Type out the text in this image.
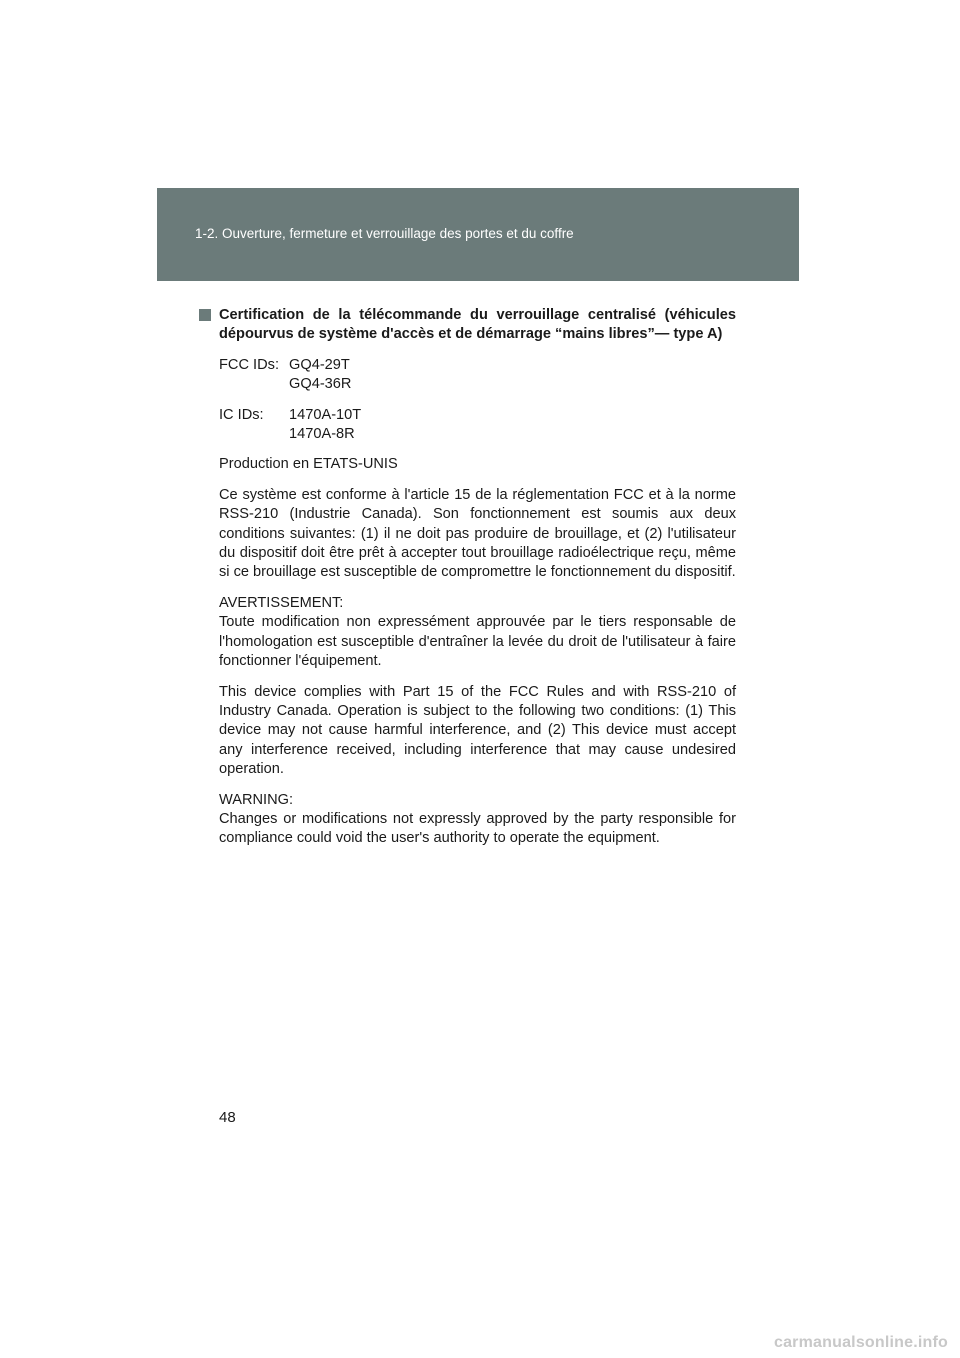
1-2. Ouverture, fermeture et verrouillage des portes et du coffre
Certification de la télécommande du verrouillage centralisé (véhicules dépourvus de système d'accès et de démarrage “mains libres”— type A)
FCC IDs: GQ4-29T
GQ4-36R
IC IDs:	1470A-10T
1470A-8R

Production en ETATS-UNIS

Ce système est conforme à l'article 15 de la réglementation FCC et à la norme RSS-210 (Industrie Canada). Son fonctionnement est soumis aux deux conditions suivantes: (1) il ne doit pas produire de brouillage, et (2) l'utilisateur du dispositif doit être prêt à accepter tout brouillage radioélectrique reçu, même si ce brouillage est susceptible de compromettre le fonctionnement du dispositif.

AVERTISSEMENT:

Toute modification non expressément approuvée par le tiers responsable de l'homologation est susceptible d'entraîner la levée du droit de l'utilisateur à faire fonctionner l'équipement.

This device complies with Part 15 of the FCC Rules and with RSS-210 of Industry Canada. Operation is subject to the following two conditions: (1) This device may not cause harmful interference, and (2) This device must accept any interference received, including interference that may cause undesired operation.

WARNING:

Changes or modifications not expressly approved by the party responsible for compliance could void the user's authority to operate the equipment.

48
carmanualsonline.info
